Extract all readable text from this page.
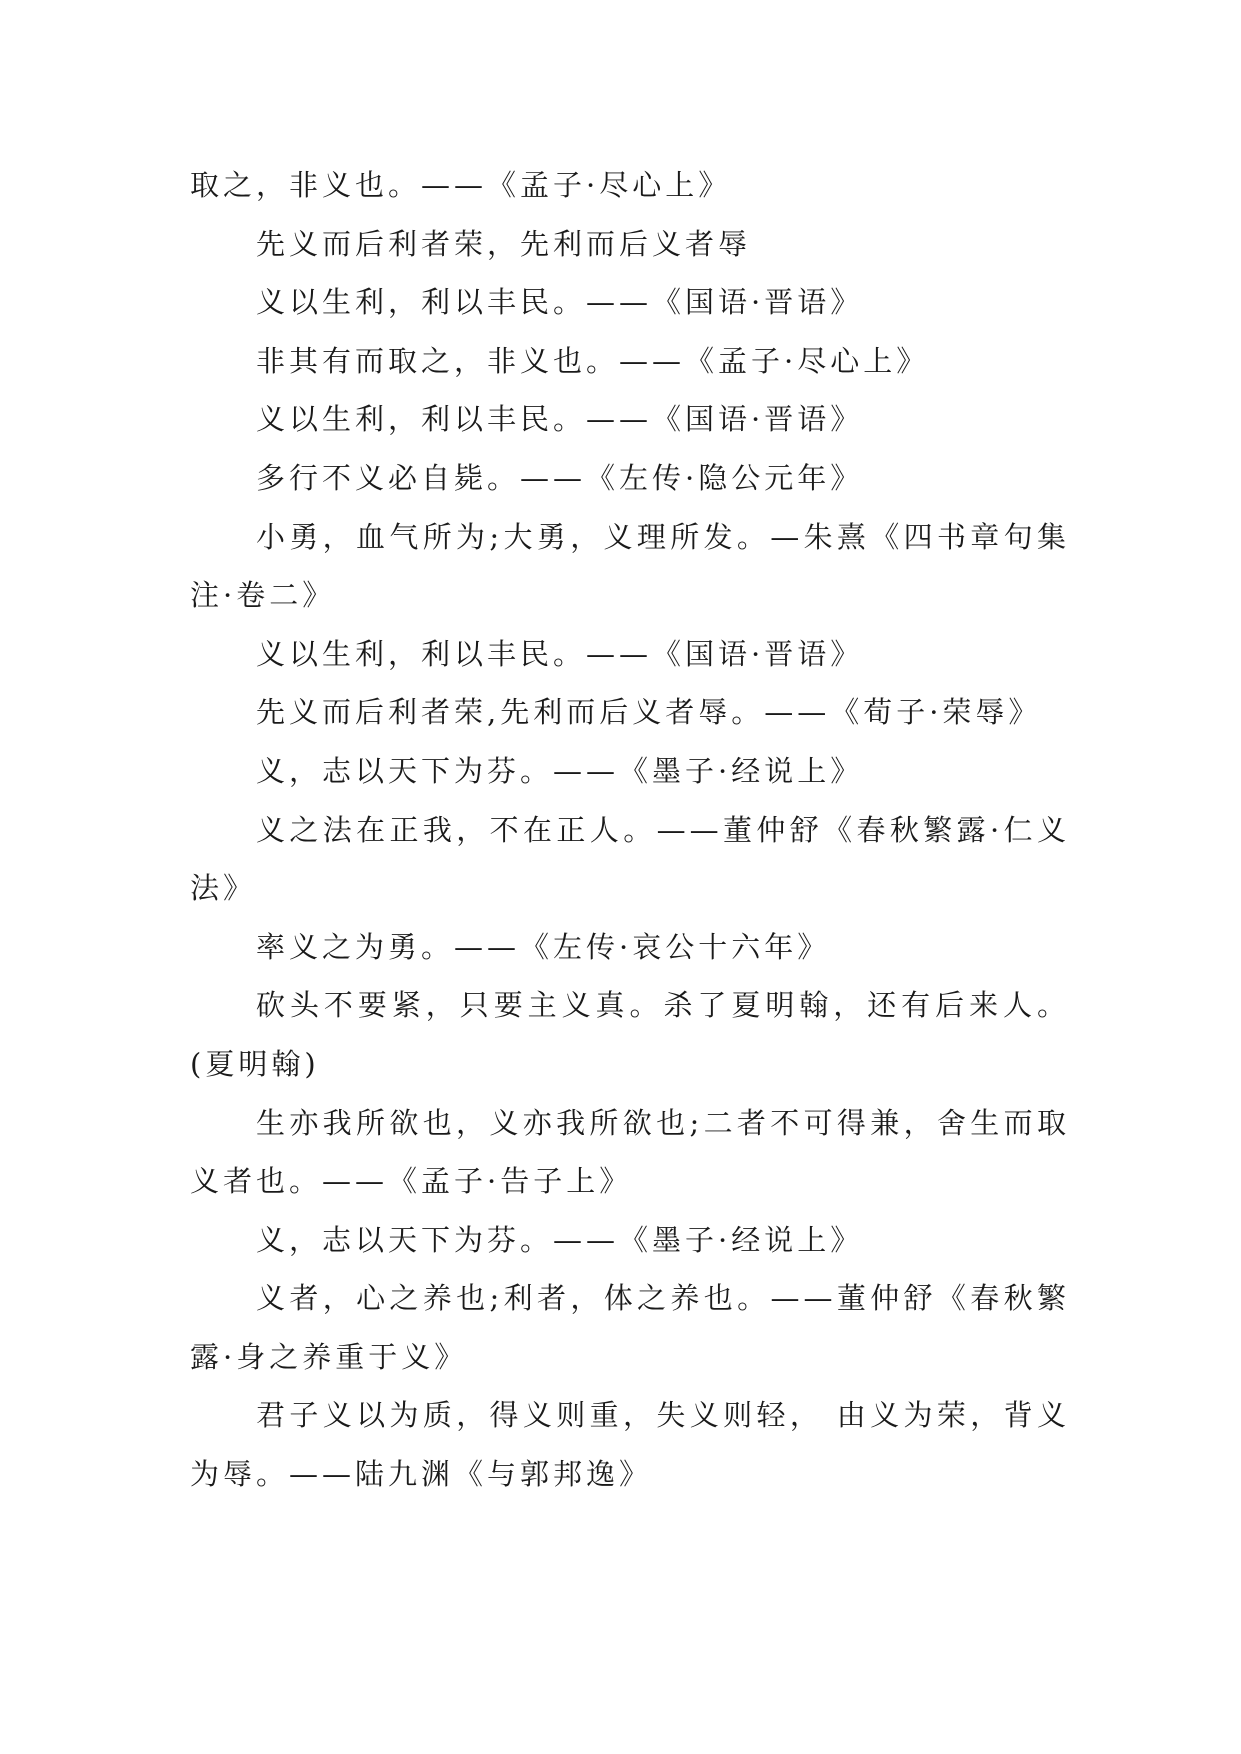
取之，非义也。——《孟子·尽心上》

先义而后利者荣，先利而后义者辱

义以生利，利以丰民。——《国语·晋语》

非其有而取之，非义也。——《孟子·尽心上》

义以生利，利以丰民。——《国语·晋语》

多行不义必自毙。——《左传·隐公元年》

小勇，血气所为;大勇，义理所发。—朱熹《四书章句集注·卷二》

义以生利，利以丰民。——《国语·晋语》

先义而后利者荣,先利而后义者辱。——《荀子·荣辱》

义，志以天下为芬。——《墨子·经说上》

义之法在正我，不在正人。——董仲舒《春秋繁露·仁义法》

率义之为勇。——《左传·哀公十六年》

砍头不要紧，只要主义真。杀了夏明翰，还有后来人。(夏明翰)

生亦我所欲也，义亦我所欲也;二者不可得兼，舍生而取义者也。——《孟子·告子上》

义，志以天下为芬。——《墨子·经说上》

义者，心之养也;利者，体之养也。——董仲舒《春秋繁露·身之养重于义》

君子义以为质，得义则重，失义则轻， 由义为荣，背义为辱。——陆九渊《与郭邦逸》
